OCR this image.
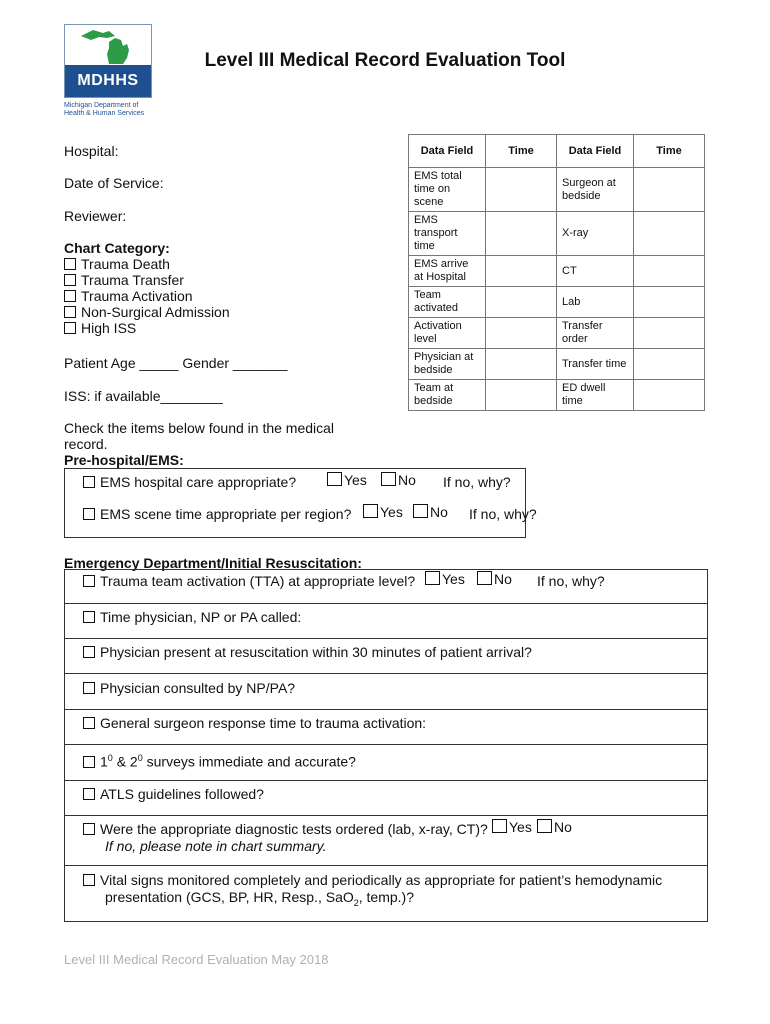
MDHHS
Michigan Department of
Health & Human Services
Level III Medical Record Evaluation Tool
Hospital:
Date of Service:
Reviewer:
Chart Category:
Trauma Death
Trauma Transfer
Trauma Activation
Non-Surgical Admission
High ISS
Patient Age _____ Gender _______
ISS: if available________
Check the items below found in the medical
record.
Data Field	Time	Data Field	Time
EMS total time on scene		Surgeon at bedside	
EMS transport time		X-ray	
EMS arrive at Hospital		CT	
Team activated		Lab	
Activation level		Transfer order	
Physician at bedside		Transfer time	
Team at bedside		ED dwell time	
Pre-hospital/EMS:
EMS hospital care appropriate?	Yes	No If no, why?
EMS scene time appropriate per region?	Yes	No If no, why?
Emergency Department/Initial Resuscitation:
Trauma team activation (TTA) at appropriate level?	Yes	No If no, why?
Time physician, NP or PA called:
Physician present at resuscitation within 30 minutes of patient arrival?
Physician consulted by NP/PA?
General surgeon response time to trauma activation:
$1^0$ & $2^0$ surveys immediate and accurate?
ATLS guidelines followed?
Were the appropriate diagnostic tests ordered (lab, x-ray, CT)?	Yes	No
If no, please note in chart summary.
Vital signs monitored completely and periodically as appropriate for patient’s hemodynamic
presentation (GCS, BP, HR, Resp., SaO$_2$, temp.)?
Level III Medical Record Evaluation May 2018
